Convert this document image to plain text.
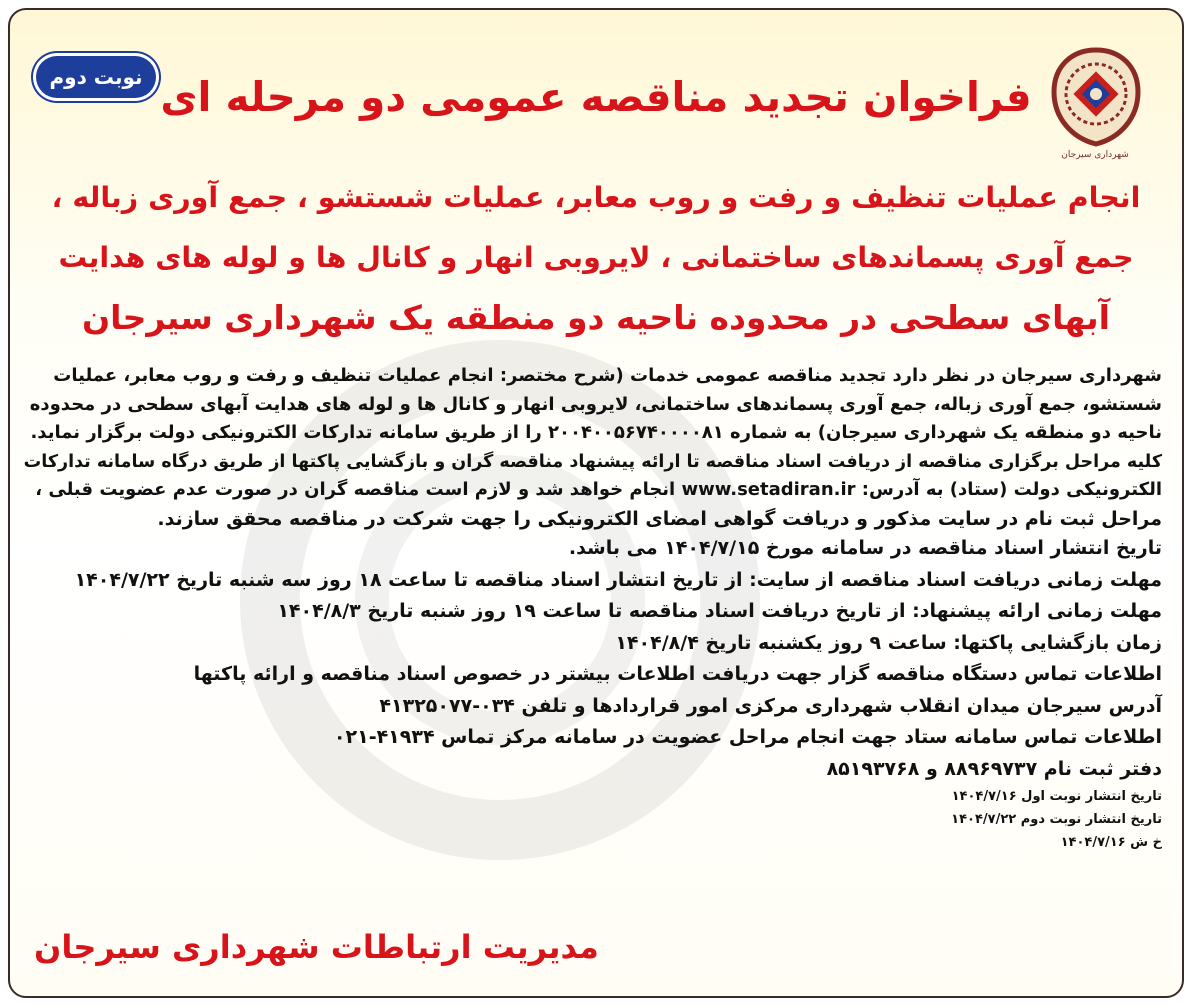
نوبت دوم
شهرداری سیرجان
فراخوان تجدید مناقصه عمومی دو مرحله ای
انجام عملیات تنظیف و رفت و روب معابر، عملیات شستشو ، جمع آوری زباله ،
جمع آوری پسماندهای ساختمانی ، لایروبی انهار و کانال ها و لوله های هدایت
آبهای سطحی در محدوده ناحیه دو منطقه یک شهرداری سیرجان
شهرداری سیرجان در نظر دارد تجدید مناقصه عمومی خدمات (شرح مختصر: انجام عملیات تنظیف و رفت و روب معابر، عملیات
شستشو، جمع آوری زباله، جمع آوری پسماندهای ساختمانی، لایروبی انهار و کانال ها و لوله های هدایت آبهای سطحی در محدوده
ناحیه دو منطقه یک شهرداری سیرجان) به شماره ۲۰۰۴۰۰۵۶۷۴۰۰۰۰۸۱ را از طریق سامانه تدارکات الکترونیکی دولت برگزار نماید.
کلیه مراحل برگزاری مناقصه از دریافت اسناد مناقصه تا ارائه پیشنهاد مناقصه گران و بازگشایی پاکتها از طریق درگاه سامانه تدارکات
الکترونیکی دولت (ستاد) به آدرس: www.setadiran.ir انجام خواهد شد و لازم است مناقصه گران در صورت عدم عضویت قبلی ،
مراحل ثبت نام در سایت مذکور و دریافت گواهی امضای الکترونیکی را جهت شرکت در مناقصه محقق سازند.
تاریخ انتشار اسناد مناقصه در سامانه مورخ ۱۴۰۴/۷/۱۵ می باشد.
مهلت زمانی دریافت اسناد مناقصه از سایت: از تاریخ انتشار اسناد مناقصه تا ساعت ۱۸ روز سه شنبه تاریخ ۱۴۰۴/۷/۲۲
مهلت زمانی ارائه پیشنهاد: از تاریخ دریافت اسناد مناقصه تا ساعت ۱۹ روز شنبه تاریخ ۱۴۰۴/۸/۳
زمان بازگشایی پاکتها: ساعت ۹ روز یکشنبه تاریخ ۱۴۰۴/۸/۴
اطلاعات تماس دستگاه مناقصه گزار جهت دریافت اطلاعات بیشتر در خصوص اسناد مناقصه و ارائه پاکتها
آدرس سیرجان میدان انقلاب شهرداری مرکزی امور قراردادها و تلفن ۰۳۴-۴۱۳۲۵۰۷۷
اطلاعات تماس سامانه ستاد جهت انجام مراحل عضویت در سامانه مرکز تماس ۴۱۹۳۴-۰۲۱
دفتر ثبت نام ۸۸۹۶۹۷۳۷ و ۸۵۱۹۳۷۶۸
تاریخ انتشار نوبت اول ۱۴۰۴/۷/۱۶
تاریخ انتشار نوبت دوم ۱۴۰۴/۷/۲۲
خ ش ۱۴۰۴/۷/۱۶
مدیریت ارتباطات شهرداری سیرجان
